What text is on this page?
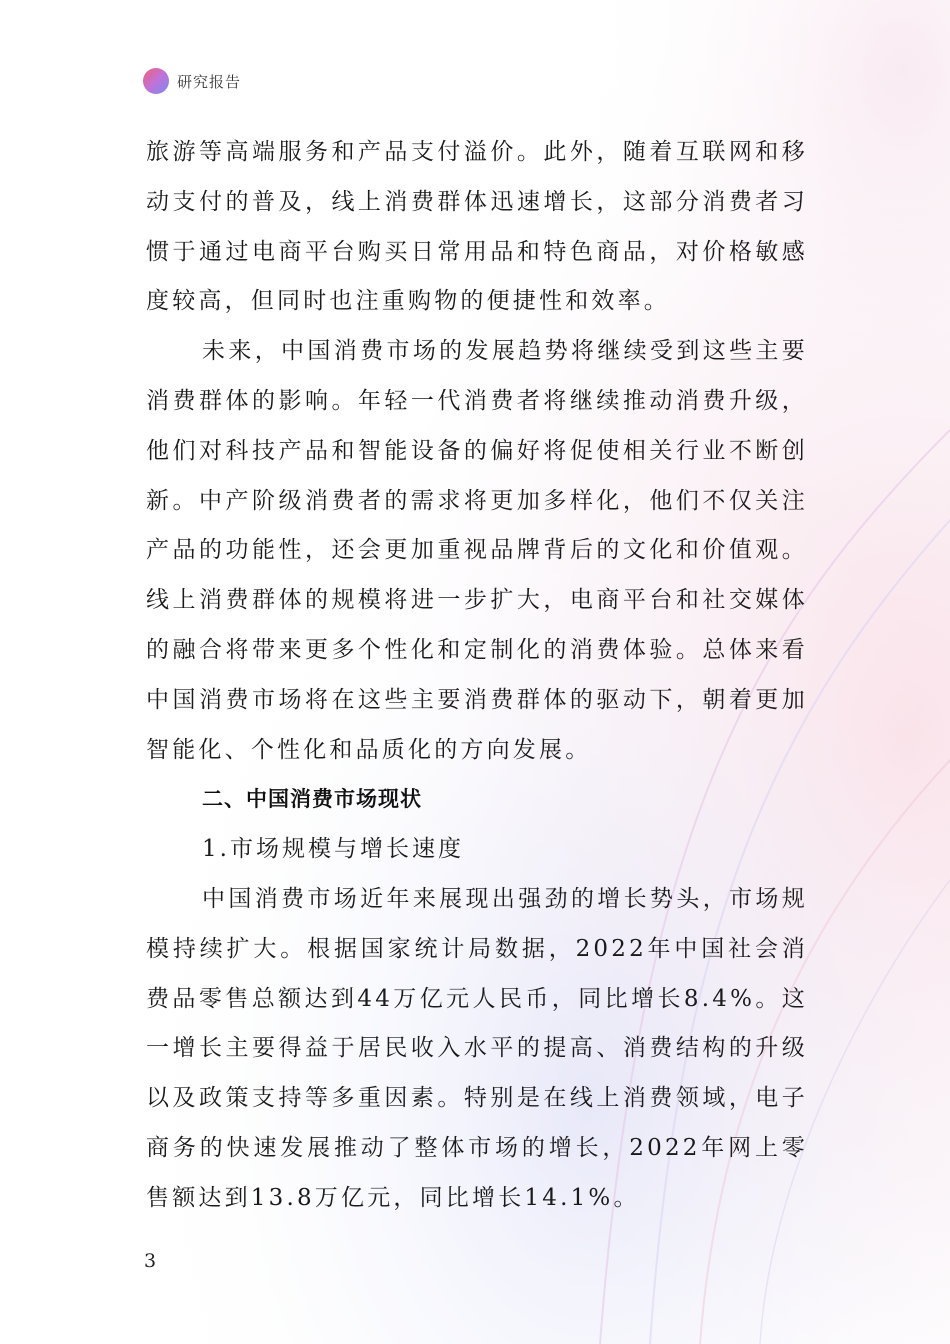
研究报告

旅游等高端服务和产品支付溢价。此外，随着互联网和移动支付的普及，线上消费群体迅速增长，这部分消费者习惯于通过电商平台购买日常用品和特色商品，对价格敏感度较高，但同时也注重购物的便捷性和效率。

未来，中国消费市场的发展趋势将继续受到这些主要消费群体的影响。年轻一代消费者将继续推动消费升级，他们对科技产品和智能设备的偏好将促使相关行业不断创新。中产阶级消费者的需求将更加多样化，他们不仅关注产品的功能性，还会更加重视品牌背后的文化和价值观。线上消费群体的规模将进一步扩大，电商平台和社交媒体的融合将带来更多个性化和定制化的消费体验。总体来看中国消费市场将在这些主要消费群体的驱动下，朝着更加智能化、个性化和品质化的方向发展。

二、中国消费市场现状

1.市场规模与增长速度

中国消费市场近年来展现出强劲的增长势头，市场规模持续扩大。根据国家统计局数据，2022年中国社会消费品零售总额达到44万亿元人民币，同比增长8.4%。这一增长主要得益于居民收入水平的提高、消费结构的升级以及政策支持等多重因素。特别是在线上消费领域，电子商务的快速发展推动了整体市场的增长，2022年网上零售额达到13.8万亿元，同比增长14.1%。

3
